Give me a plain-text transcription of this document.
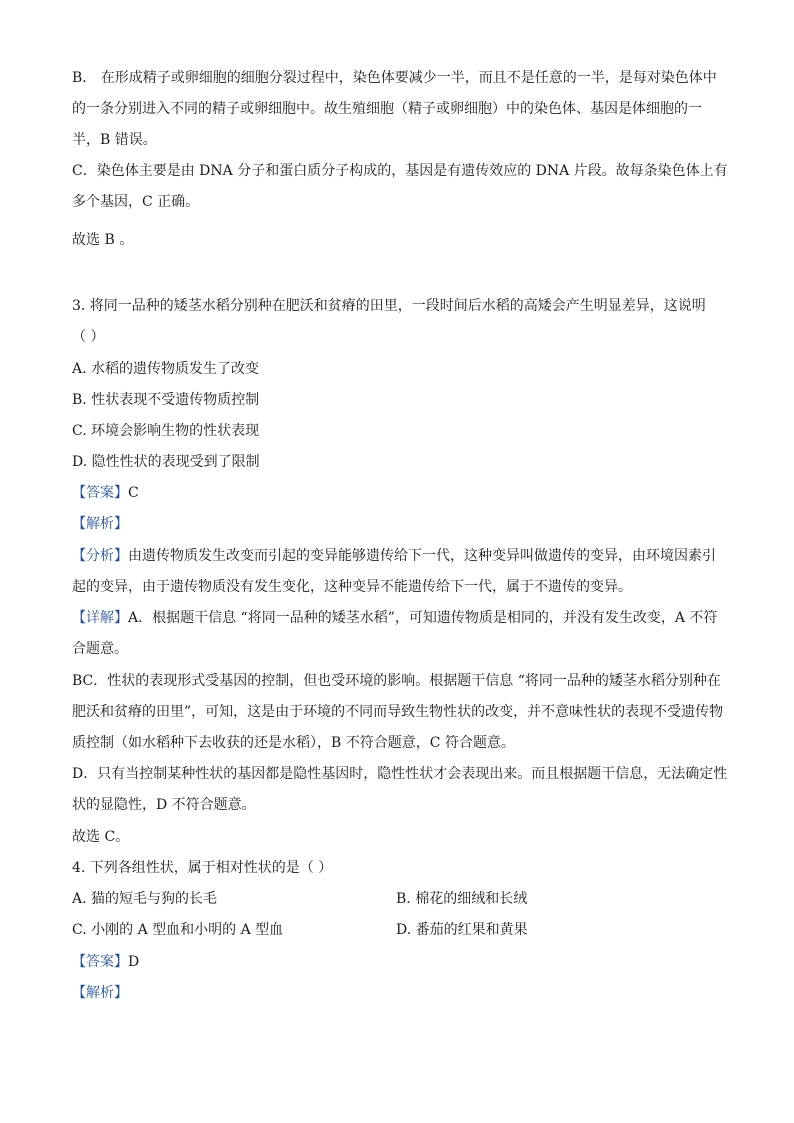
B． 在形成精子或卵细胞的细胞分裂过程中，染色体要减少一半，而且不是任意的一半，是每对染色体中
的一条分别进入不同的精子或卵细胞中。故生殖细胞（精子或卵细胞）中的染色体、基因是体细胞的一
半，B 错误。
C．染色体主要是由 DNA 分子和蛋白质分子构成的，基因是有遗传效应的 DNA 片段。故每条染色体上有
多个基因，C 正确。
故选 B 。
3. 将同一品种的矮茎水稻分别种在肥沃和贫瘠的田里，一段时间后水稻的高矮会产生明显差异，这说明
（ ）
A. 水稻的遗传物质发生了改变
B. 性状表现不受遗传物质控制
C. 环境会影响生物的性状表现
D. 隐性性状的表现受到了限制
【答案】C
【解析】
【分析】由遗传物质发生改变而引起的变异能够遗传给下一代，这种变异叫做遗传的变异，由环境因素引
起的变异，由于遗传物质没有发生变化，这种变异不能遗传给下一代，属于不遗传的变异。
【详解】A．根据题干信息 “将同一品种的矮茎水稻”，可知遗传物质是相同的，并没有发生改变，A 不符
合题意。
BC．性状的表现形式受基因的控制，但也受环境的影响。根据题干信息 “将同一品种的矮茎水稻分别种在
肥沃和贫瘠的田里”，可知，这是由于环境的不同而导致生物性状的改变，并不意味性状的表现不受遗传物
质控制（如水稻种下去收获的还是水稻），B 不符合题意，C 符合题意。
D．只有当控制某种性状的基因都是隐性基因时，隐性性状才会表现出来。而且根据题干信息，无法确定性
状的显隐性，D 不符合题意。
故选 C。
4. 下列各组性状，属于相对性状的是（ ）
A. 猫的短毛与狗的长毛	B. 棉花的细绒和长绒
C. 小刚的 A 型血和小明的 A 型血	D. 番茄的红果和黄果
【答案】D
【解析】
